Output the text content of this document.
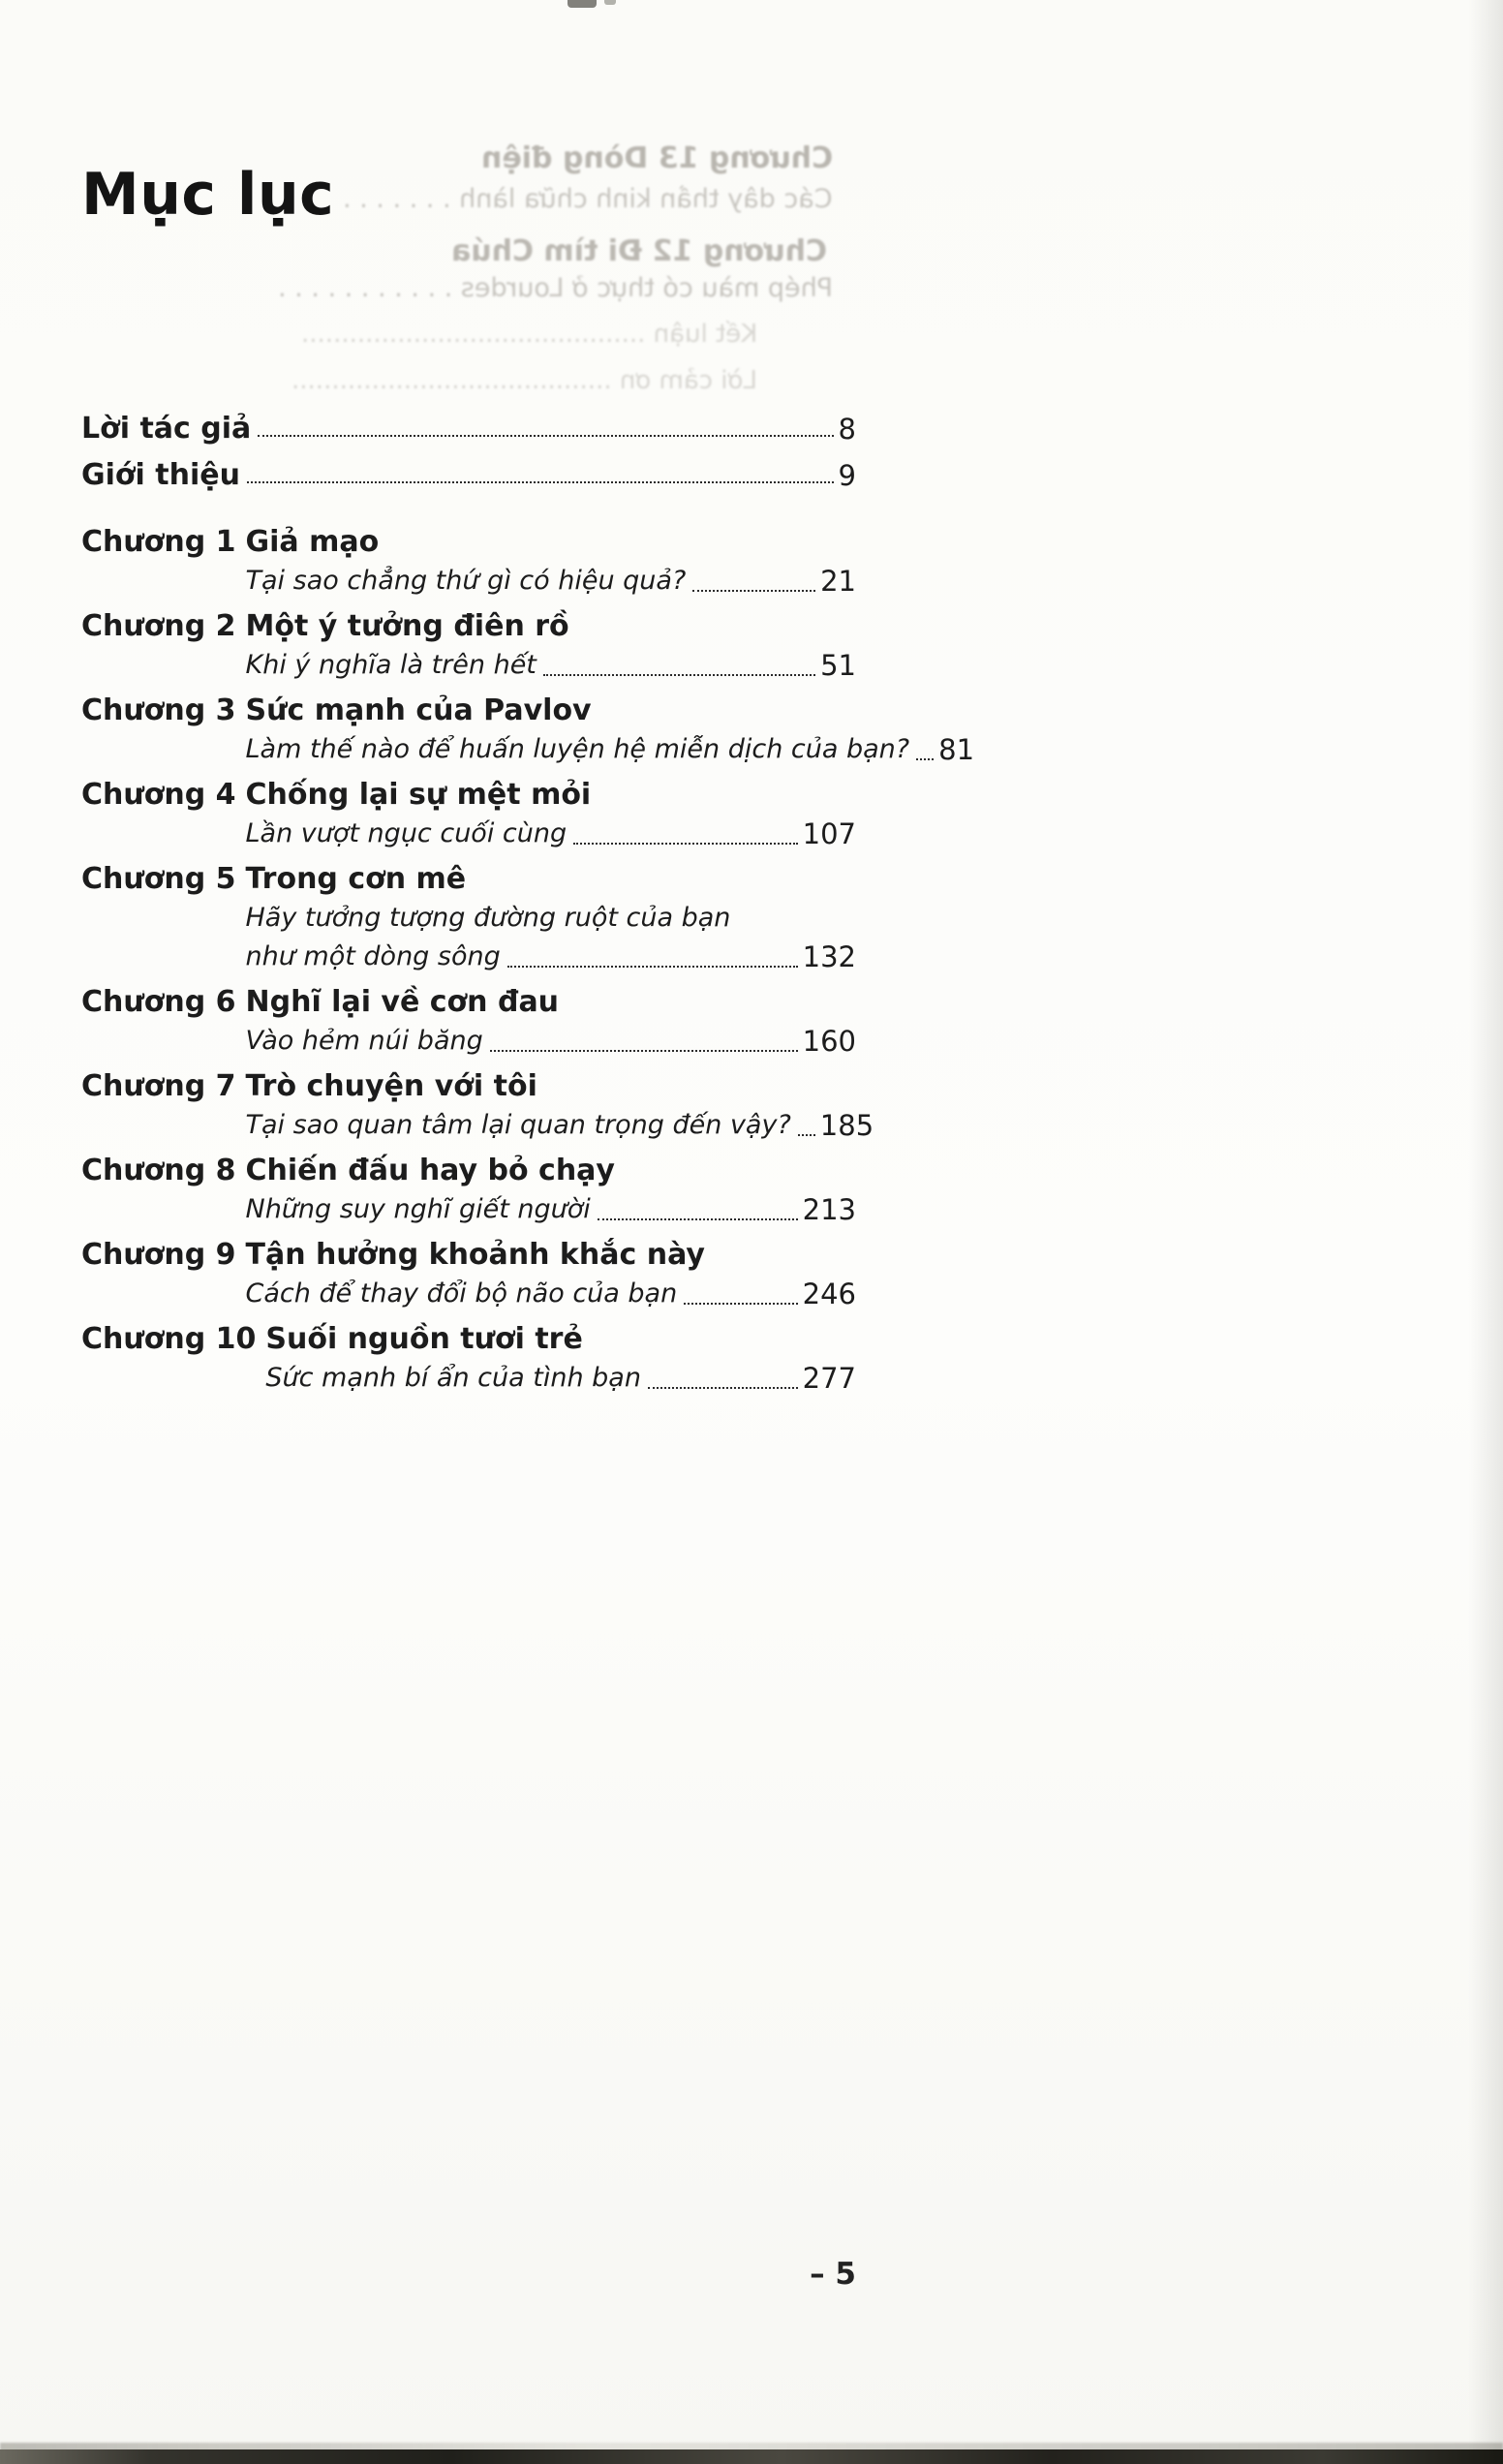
Chương 13 Dòng điện
Các dây thần kinh chữa lành . . . . . . .
Chương 12 Đi tìm Chúa
Phép màu có thực ở Lourdes . . . . . . . . . . .
Kết luận ...........................................
Lời cảm ơn ........................................
Mục lục
Lời tác giả	8
Giới thiệu	9
Chương 1 Giả mạo
Tại sao chẳng thứ gì có hiệu quả?	21
Chương 2 Một ý tưởng điên rồ
Khi ý nghĩa là trên hết	51
Chương 3 Sức mạnh của Pavlov
Làm thế nào để huấn luyện hệ miễn dịch của bạn? 81
Chương 4 Chống lại sự mệt mỏi
Lần vượt ngục cuối cùng	107
Chương 5 Trong cơn mê
Hãy tưởng tượng đường ruột của bạn
như một dòng sông	132
Chương 6 Nghĩ lại về cơn đau
Vào hẻm núi băng	160
Chương 7 Trò chuyện với tôi
Tại sao quan tâm lại quan trọng đến vậy? 185
Chương 8 Chiến đấu hay bỏ chạy
Những suy nghĩ giết người	213
Chương 9 Tận hưởng khoảnh khắc này
Cách để thay đổi bộ não của bạn	246
Chương 10 Suối nguồn tươi trẻ
Sức mạnh bí ẩn của tình bạn	277
– 5
